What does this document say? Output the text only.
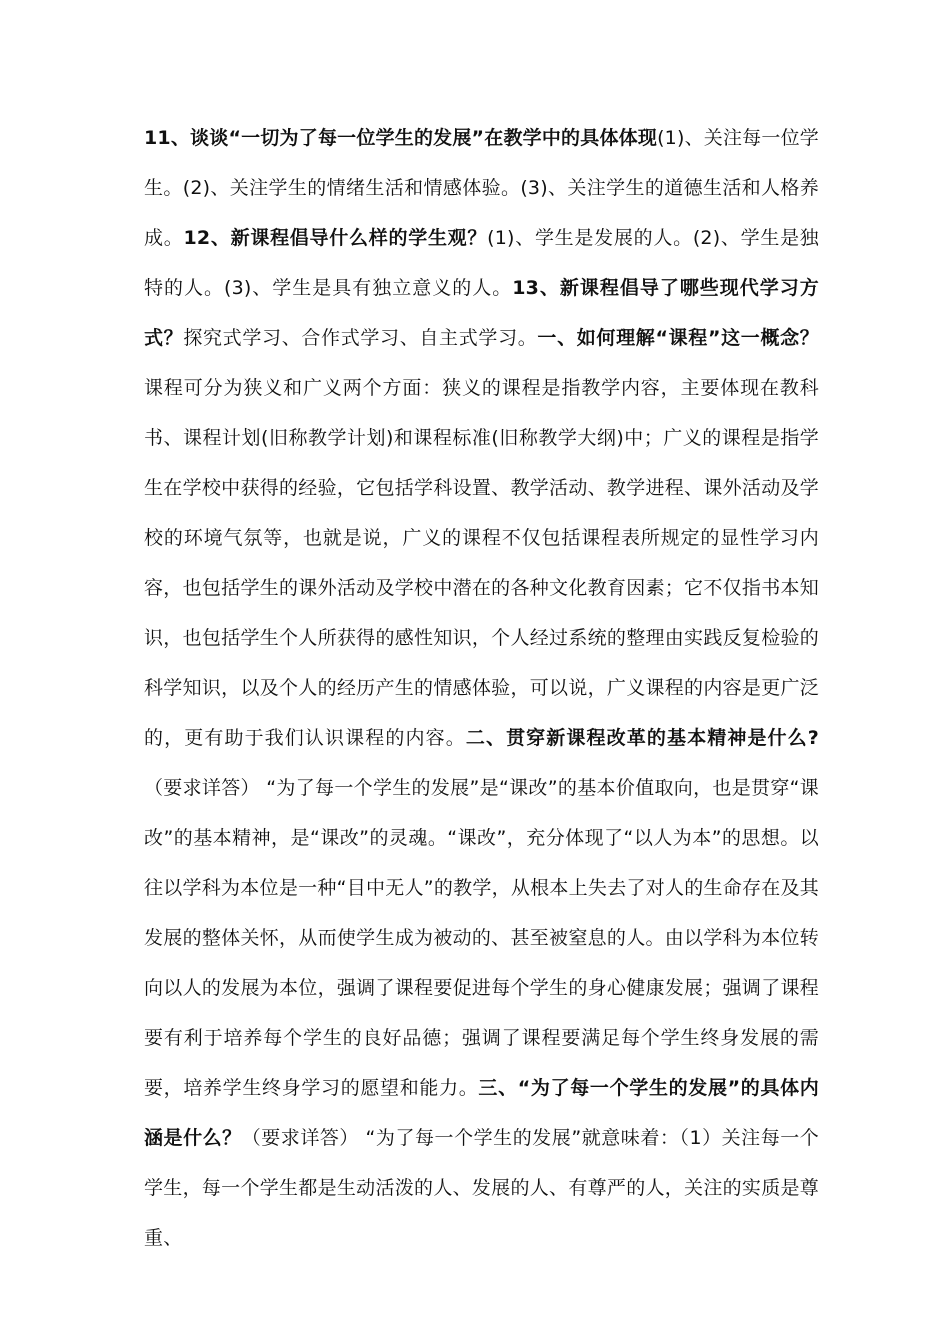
11、谈谈“一切为了每一位学生的发展”在教学中的具体体现(1)、关注每一位学生。(2)、关注学生的情绪生活和情感体验。(3)、关注学生的道德生活和人格养成。12、新课程倡导什么样的学生观？(1)、学生是发展的人。(2)、学生是独特的人。(3)、学生是具有独立意义的人。13、新课程倡导了哪些现代学习方式？探究式学习、合作式学习、自主式学习。一、如何理解“课程”这一概念？课程可分为狭义和广义两个方面：狭义的课程是指教学内容，主要体现在教科书、课程计划(旧称教学计划)和课程标准(旧称教学大纲)中；广义的课程是指学生在学校中获得的经验，它包括学科设置、教学活动、教学进程、课外活动及学校的环境气氛等，也就是说，广义的课程不仅包括课程表所规定的显性学习内容，也包括学生的课外活动及学校中潜在的各种文化教育因素；它不仅指书本知识，也包括学生个人所获得的感性知识，个人经过系统的整理由实践反复检验的科学知识，以及个人的经历产生的情感体验，可以说，广义课程的内容是更广泛的，更有助于我们认识课程的内容。二、贯穿新课程改革的基本精神是什么?（要求详答） “为了每一个学生的发展”是“课改”的基本价值取向，也是贯穿“课改”的基本精神，是“课改”的灵魂。“课改”，充分体现了“以人为本”的思想。以往以学科为本位是一种“目中无人”的教学，从根本上失去了对人的生命存在及其发展的整体关怀，从而使学生成为被动的、甚至被窒息的人。由以学科为本位转向以人的发展为本位，强调了课程要促进每个学生的身心健康发展；强调了课程要有利于培养每个学生的良好品德；强调了课程要满足每个学生终身发展的需要，培养学生终身学习的愿望和能力。三、“为了每一个学生的发展”的具体内涵是什么？（要求详答） “为了每一个学生的发展”就意味着：（1）关注每一个学生，每一个学生都是生动活泼的人、发展的人、有尊严的人，关注的实质是尊重、
